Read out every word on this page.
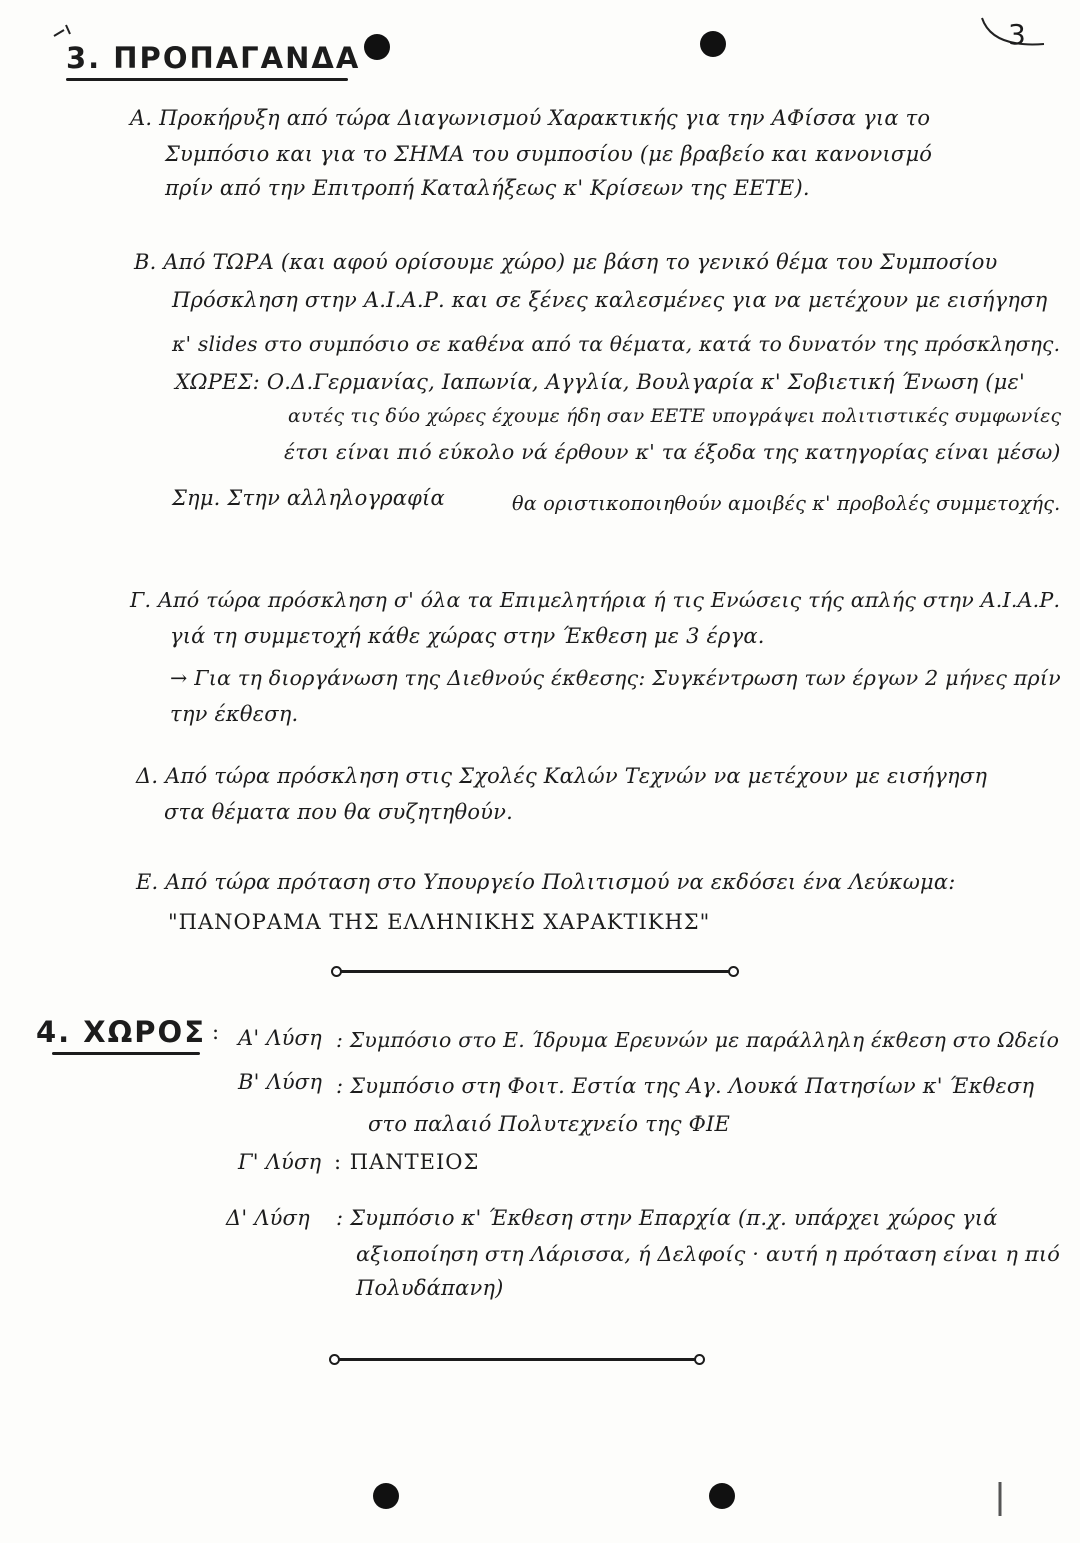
3
3. ΠΡΟΠΑΓΑΝΔΑ
Α. Προκήρυξη από τώρα Διαγωνισμού Χαρακτικής για την ΑΦίσσα για το
Συμπόσιο και για το ΣΗΜΑ του συμποσίου (με βραβείο και κανονισμό
πρίν από την Επιτροπή Καταλήξεως κ' Κρίσεων της ΕΕΤΕ).
Β. Από ΤΩΡΑ (και αφού ορίσουμε χώρο) με βάση το γενικό θέμα του Συμποσίου
Πρόσκληση στην Α.Ι.Α.Ρ. και σε ξένες καλεσμένες για να μετέχουν με εισήγηση
κ' slides στο συμπόσιο σε καθένα από τα θέματα, κατά το δυνατόν της πρόσκλησης.
ΧΩΡΕΣ: Ο.Δ.Γερμανίας, Ιαπωνία, Αγγλία, Βουλγαρία κ' Σοβιετική Ένωση (με'
αυτές τις δύο χώρες έχουμε ήδη σαν ΕΕΤΕ υπογράψει πολιτιστικές συμφωνίες
έτσι είναι πιό εύκολο νά έρθουν κ' τα έξοδα της κατηγορίας είναι μέσω)
Σημ. Στην αλληλογραφία	θα οριστικοποιηθούν αμοιβές κ' προβολές συμμετοχής.
Γ. Από τώρα πρόσκληση σ' όλα τα Επιμελητήρια ή τις Ενώσεις τής απλής στην Α.Ι.Α.Ρ.
γιά τη συμμετοχή κάθε χώρας στην Έκθεση με 3 έργα.
→ Για τη διοργάνωση της Διεθνούς έκθεσης: Συγκέντρωση των έργων 2 μήνες πρίν
την έκθεση.
Δ. Από τώρα πρόσκληση στις Σχολές Καλών Τεχνών να μετέχουν με εισήγηση
στα θέματα που θα συζητηθούν.
Ε. Από τώρα πρόταση στο Υπουργείο Πολιτισμού να εκδόσει ένα Λεύκωμα:
"ΠΑΝΟΡΑΜΑ ΤΗΣ ΕΛΛΗΝΙΚΗΣ ΧΑΡΑΚΤΙΚΗΣ"
4. ΧΩΡΟΣ : Α' Λύση : Συμπόσιο στο Ε. Ίδρυμα Ερευνών με παράλληλη έκθεση στο Ωδείο
Β' Λύση : Συμπόσιο στη Φοιτ. Εστία της Αγ. Λουκά Πατησίων κ' Έκθεση
στο παλαιό Πολυτεχνείο της ΦΙΕ
Γ' Λύση : ΠΑΝΤΕΙΟΣ
Δ' Λύση : Συμπόσιο κ' Έκθεση στην Επαρχία (π.χ. υπάρχει χώρος γιά
αξιοποίηση στη Λάρισσα, ή Δελφοίς · αυτή η πρόταση είναι η πιό
Πολυδάπανη)
